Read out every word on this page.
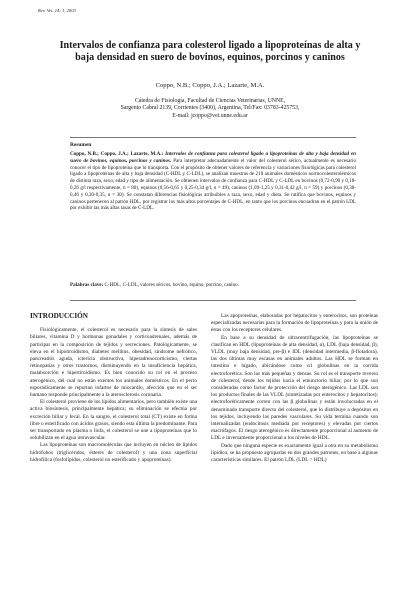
Rev. Vet. 14: 1, 2003
Intervalos de confianza para colesterol ligado a lipoproteínas de alta y baja densidad en suero de bovinos, equinos, porcinos y caninos
Coppo, N.B.; Coppo, J.A.; Lazarte, M.A.
Cátedra de Fisiología, Facultad de Ciencias Veterinarias, UNNE,
Sargento Cabral 2139, Corrientes (3400), Argentina, Tel/Fax: 03783-425753,
E-mail: jcoppo@vet.unne.edu.ar
Resumen
Coppo, N.B.; Coppo, J.A.; Lazarte, M.A.: Intervalos de confianza para colesterol ligado a lipoproteínas de alta y baja densidad en suero de bovinos, equinos, porcinos y caninos. Para interpretar adecuadamente el valor del colesterol sérico, actualmente es necesario conocer el tipo de lipoproteína que lo transporta. Con el propósito de obtener valores de referencia y variaciones fisiológicas para colesterol ligado a lipoproteínas de alta y baja densidad (C-HDL y C-LDL), se analizan muestras de 218 animales domésticos normocolesterolémicos de distinta raza, sexo, edad y tipo de alimentación. Se obtienen intervalos de confianza para C-HDL y C-LDL en bovinos (0,72-0,90 y 0,18-0,26 g/l respectivamente, n = 80), equinos (0,56-0,65 y 0,25-0,34 g/l, n = 49), caninos (1,09-1,25 y 0,31-0,42 g/l, n = 59) y porcinos (0,38-0,46 y 0,30-0,35, n = 30). Se constatan diferencias fisiológicas atribuibles a raza, sexo, edad y dieta. Se ratifica que bovinos, equinos y caninos pertenecen al patrón HDL, por registrar los más altos porcentajes de C-HDL, en tanto que los porcinos encuadran en el patrón LDL por exhibir las más altas tasas de C-LDL.
Palabras clave: C-HDL, C-LDL, valores séricos, bovino, equino, porcino, canino.
INTRODUCCIÓN

Fisiológicamente, el colesterol es necesario para la síntesis de sales biliares, vitamina D y hormonas gonadales y corticoadrenales, además de participar en la composición de tejidos y secreciones. Patológicamente, se eleva en el hipotiroidismo, diabetes mellitus, obesidad, síndrome nefrótico, pancreatitis aguda, ictericia obstructiva, hiperadrenocorticismo, ciertas retinopatías y otros trastornos, disminuyendo en la insuficiencia hepática, malabsorción e hipertiroidismo. Es bien conocido su rol en el proceso aterogénico, del cual no están exentos los animales domésticos. En el perro esporádicamente se reportan infartos de miocardio, afección que en el ser humano responde principalmente a la aterosclerosis coronaria.

El colesterol proviene de los lípidos alimentarios, pero también existe una activa biosíntesis, principalmente hepática; su eliminación se efectúa por excreción biliar y fecal. En la sangre, el colesterol total (CT) existe en forma libre o esterificado con ácidos grasos, siendo esta última la predominante. Para ser transportado en plasma o linfa, el colesterol se une a lipoproteínas que lo solubilizan en el agua intravascular.

Las lipoproteínas son macromoléculas que incluyen en núcleo de lípidos hidrófobos (triglicéridos, ésteres de colesterol) y una zona superficial hidrofílica (fosfolípidos, colesterol no esterificado y apoproteínas).

Las apoproteínas, elaboradas por hepatocitos y enterocitos, son proteínas especializadas necesarias para la formación de lipoproteínas y para la unión de éstas con los receptores celulares.

En base a su densidad de ultracentrifugación, las lipoproteínas se clasifican en HDL (lipoproteínas de alta densidad, α), LDL (baja densidad, β), VLDL (muy baja densidad, pre-β) e IDL (densidad intermedia, β-flotadora), las dos últimas muy escasas en animales adultos. Las HDL se forman en intestino e hígado, abicándose como α1 globulinas en la corrida electroforética. Son las más pequeñas y densas. Su rol es el transporte reverso de colesterol, desde los tejidos hacia el emunctorio biliar, por lo que son consideradas como factor de protección del riesgo aterogénico. Las LDL son los productos finales de las VLDL (sintetizadas por enterocitos y hepatocitos); electroforéticamente corren con las β globulinas y están involucradas en el denominado transporte directo del colesterol, que lo distribuye a depósitos en los tejidos, incluyendo las paredes vasculares. Su vida termina cuando son internalizadas (endocitosis mediada por receptores) y elevadas por ciertos macrófagos. El riesgo aterogénico es directamente proporcional al aumento de LDL e inversamente proporcional a los niveles de HDL.

Dado que ninguna especie es exactamente igual a otra en su metabolismo lipídico, se ha propuesto agruparlas en dos grandes patrones, en base a algunas características similares. El patrón LDL (LDL > HDL)
